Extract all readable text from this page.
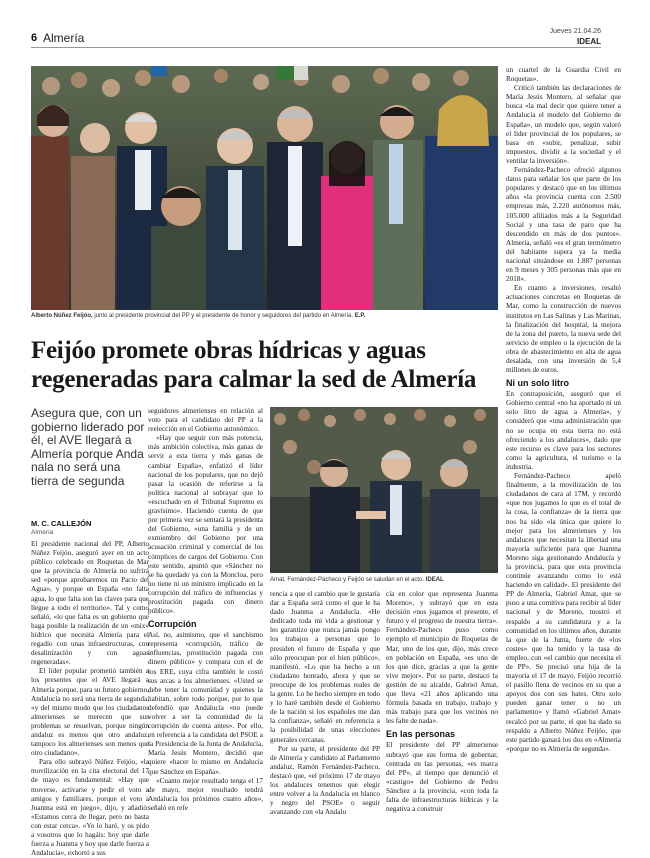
6 Almería	Jueves 21.04.26
IDEAL
Alberto Núñez Feijóo, junto al presidente provincial del PP y el presidente de honor y seguidores del partido en Almería. E.P.
Feijóo promete obras hídricas y aguas regeneradas para calmar la sed de Almería
Asegura que, con un gobierno liderado por él, el AVE llegará a Almería porque Anda nala no será una tierra de segunda
M. C. CALLEJÓN
Almería

El presidente nacional del PP, Alberto Núñez Feijóo, aseguró ayer en un acto público celebrado en Roquetas de Mar que la provincia de Almería no sufrirá sed «porque aprobaremos un Pacto del Agua», y porque en España «no falta agua, lo que falta son las claves para que llegue a todo el territorio». Tal y como señaló, «lo que falta es un gobierno que haga posible la realización de un «mix» hídrico que necesita Almería para el regadío con unas infraestructuras, con desalinización y con aguas regeneradas».

El líder popular prometió también a los presentes que el AVE llegará a Almería porque, para su futuro gobierno, Andalucía no será una tierra de segunda, «y del mismo modo que los ciudadanos almerienses se merecen que sus problemas se resuelvan, porque ningún andaluz es menos que otro andaluz, tampoco los almerienses son menos que otro ciudadano».

Para ello subrayó Núñez Feijóo, «la movilización en la cita electoral del 17 de mayo es fundamental: «Hay que moverse, activarse y pedir el voto a amigos y familiares, porque el voto a Juanma está en juego», dijo, y añadió: «Estamos cerca de llegar, pero no basta con estar cerca». «Yo lo haré, y os pido a vosotros que lo hagáis: hoy que darle fuerza a Juanma y hoy que darle fuerza a Andalucía», exhortó a sus

seguidores almerienses en relación al voto para el candidato del PP a la reelección en el Gobierno autonómico.

«Hay que seguir con más potencia, más ambición colectiva, más ganas de servir a esta tierra y más ganas de cambiar España», enfatizó el líder nacional de los populares, que no dejó pasar la ocasión de referirse a la política nacional al subrayar que lo «escuchado en el Tribunal Supremo es gravísimo». Haciendo cuenta de que por primera vez se sentará la presidenta del Gobierno, «una familia y de un exmiembro del Gobierno por una acusación criminal y comercial de los cómplices de cargos del Gobierno. Con este sentido, apuntó que «Sánchez no se ha quedado ya con la Moncloa, pero no tiene ni un ministro implicado en la corrupción del tráfico de influencias y prostitución pagada con dinero público».

Corrupción

Así, no, asimismo, que el sanchismo representa «corrupción, tráfico de influencias, prostitución pagada con dinero público» y compara con el de los ERE, cuya cifra también le costó sus arcas a los almerienses. «Usted se debe tener la comunidad y quienes la habitan, sobre todo porque, por lo que defendió que Andalucía «no puede volver a ser la comunidad de la corrupción de cuenta antes». Por ello, en referencia a la candidata del PSOE a la Presidencia de la Junta de Andalucía, María Jesús Montero, decidió que quiere «hacer lo mismo en Andalucía que Sánchez en España».

«Cuanto mejor resultado tenga el 17 de mayo, mejor resultado tendrá Andalucía los próximos cuatro años», señaló en refe

Amat, Fernández-Pacheco y Feijóo se saludan en el acto. IDEAL

rencia a que el cambio que le gustaría dar a España será como el que le ha dado Juanma a Andalucía. «He dedicado toda mi vida a gestionar y les garantizo que nunca jamás pongo los trabajos a personas que le presiden el futuro de España y que sólo preocupan por el bien público», manifestó. «Lo que ha hecho a un ciudadano honrado, ahora y que se preocupe de los problemas reales de la gente. Lo he hecho siempre en todo y lo haré también desde el Gobierno de la nación si los españoles me dan la confianza», señaló en referencia a la posibilidad de unas elecciones generales cercanas.

Por su parte, el presidente del PP de Almería y candidato al Parlamento andaluz, Ramón Fernández-Pacheco, destacó que, «el próximo 17 de mayo los andaluces tenemos que elegir entre volver a la Andalucía en blanco y negro del PSOE» o seguir avanzando con «la Andalu

cía en color que representa Juanma Moreno», y subrayó que en esta decisión «nos jugamos el presente, el futuro y el progreso de nuestra tierra». Fernández-Pacheco puso como ejemplo el municipio de Roquetas de Mar, uno de los que, dijo, más crece en población en España, «es uno de los que dice, gracias a que la gente vive mejor». Por su parte, destacó la gestión de su alcalde, Gabriel Amat, que lleva «21 años aplicando una fórmula basada en trabajo, trabajo y más trabajo para que los vecinos no les falte de nada».

En las personas

El presidente del PP almeriense subrayó que sus forma de gobernar, centrada en las personas, «es marca del PP», al tiempo que denunció el «castigo» del Gobierno de Pedro Sánchez a la provincia, «con toda la falta de infraestructuras hídricas y la negativa a construir

un cuartel de la Guardia Civil en Roquetas».

Criticó también las declaraciones de María Jesús Montero, al señalar que busca «la mal decir que quiere tener a Andalucía el modelo del Gobierno de España», un modelo que, según valoró el líder provincial de los populares, se basa en «subir, penalizar, subir impuestos, dividir a la sociedad y el ventilar la inversión».

Fernández-Pacheco ofreció algunos datos para señalar los que parte de los populares y destacó que en los últimos años «la provincia cuenta con 2.500 empresas más, 2.220 autónomos más, 105.000 afiliados más a la Seguridad Social y una tasa de paro que ha descendido en más de dos puntos». Almería, señaló «es el gran termómetro del habitante supera ya la media nacional situándose en 1.887 personas en 9 meses y 305 personas más que en 2018».

En cuanto a inversiones, resaltó actuaciones concretas en Roquetas de Mar, como la construcción de nuevos institutos en Las Salinas y Las Marinas, la finalización del hospital, la mejora de la zona del puerto, la nueva sede del servicio de empleo o la ejecución de la obra de abastecimiento en alta de agua desalada, con una inversión de 5,4 millones de euros.

Ni un solo litro

En contraposición, aseguró que el Gobierno central «no ha aportado ni un solo litro de agua a Almería», y consideró que «una administración que no se ocupa en esta tierra no está ofreciendo a los andaluces», dado que este recurso es clave para los sectores como la agricultura, el turismo o la industria.

Fernández-Pacheco apeló finalmente, a la movilización de los ciudadanos de cara al 17M, y recordó «que nos jugamos lo que es el total de la cosa, la confianza» de la tierra que nos ha sido «la única que quiere lo mejor para los almerienses y los andaluces que necesitan la libertad una mayoría suficiente para que Juanma Moreno siga gestionando Andalucía y la provincia, para que esta provincia continúe avanzando como lo está haciendo en calidad». El presidente del PP de Almería, Gabriel Amat, que se puso a una comitiva para recibir al líder nacional y de Moreno, mostró el respaldo a su candidatura y a la comunidad en los últimos años, durante la que de la Junta, fuerte de «los costes» que ha tenido y la tasa de empleo, con «el cambio que necesita el de PP». Se precisó una hija de la mayoría el 17 de mayo. Feijóo recorrió el pasillo llena de vecinos en su que a apoyos dos con sus bates. Otro solo pueden ganar tener o no un parlamento» y llamó «Gabriel Amat» recalcó por su parte, el que ha dado su respaldo a Alberto Núñez Feijóo, que este partido ganará los dos en «Almería «porque no es Almería de segunda».
